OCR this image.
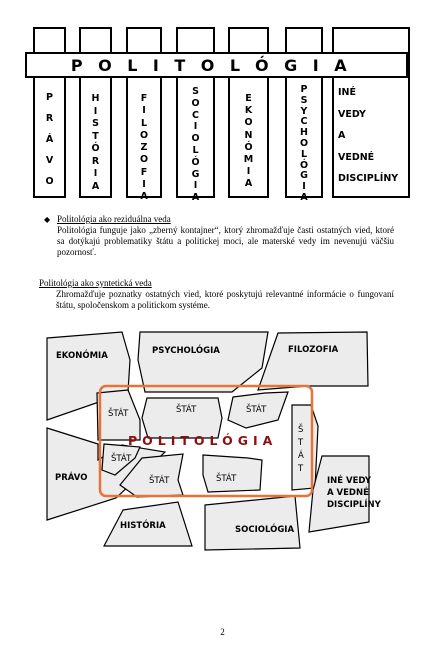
P
R
Á
V
O
H
I
S
T
Ó
R
I
A
F
I
L
O
Z
O
F
I
A
S
O
C
I
O
L
Ó
G
I
A
E
K
O
N
Ó
M
I
A
P
S
Y
C
H
O
L
Ó
G
I
A
INÉ
VEDY
A
VEDNÉ
DISCIPLÍNY
POLITOLÓGIA
◆ Politológia ako reziduálna veda
Politológia funguje jako „zberný kontajner“, ktorý zhromažďuje časti ostatných vied, ktoré sa dotýkajú problematiky štátu a politickej moci, ale materské vedy im nevenujú väčšiu pozornosť.
Politológia ako syntetická veda
Zhromažďuje poznatky ostatných vied, ktoré poskytujú relevantné informácie o fungovaní štátu, spoločenskom a politickom systéme.
EKONÓMIA	PSYCHOLÓGIA	FILOZOFIA
PRÁVO
HISTÓRIA	SOCIOLÓGIA
INÉ VEDY
A VEDNÉ
DISCIPLÍNY
ŠTÁT	ŠTÁT	ŠTÁT
ŠTÁT
ŠTÁT	ŠTÁT
Š
T
Á
T
POLITOLÓGIA
2
